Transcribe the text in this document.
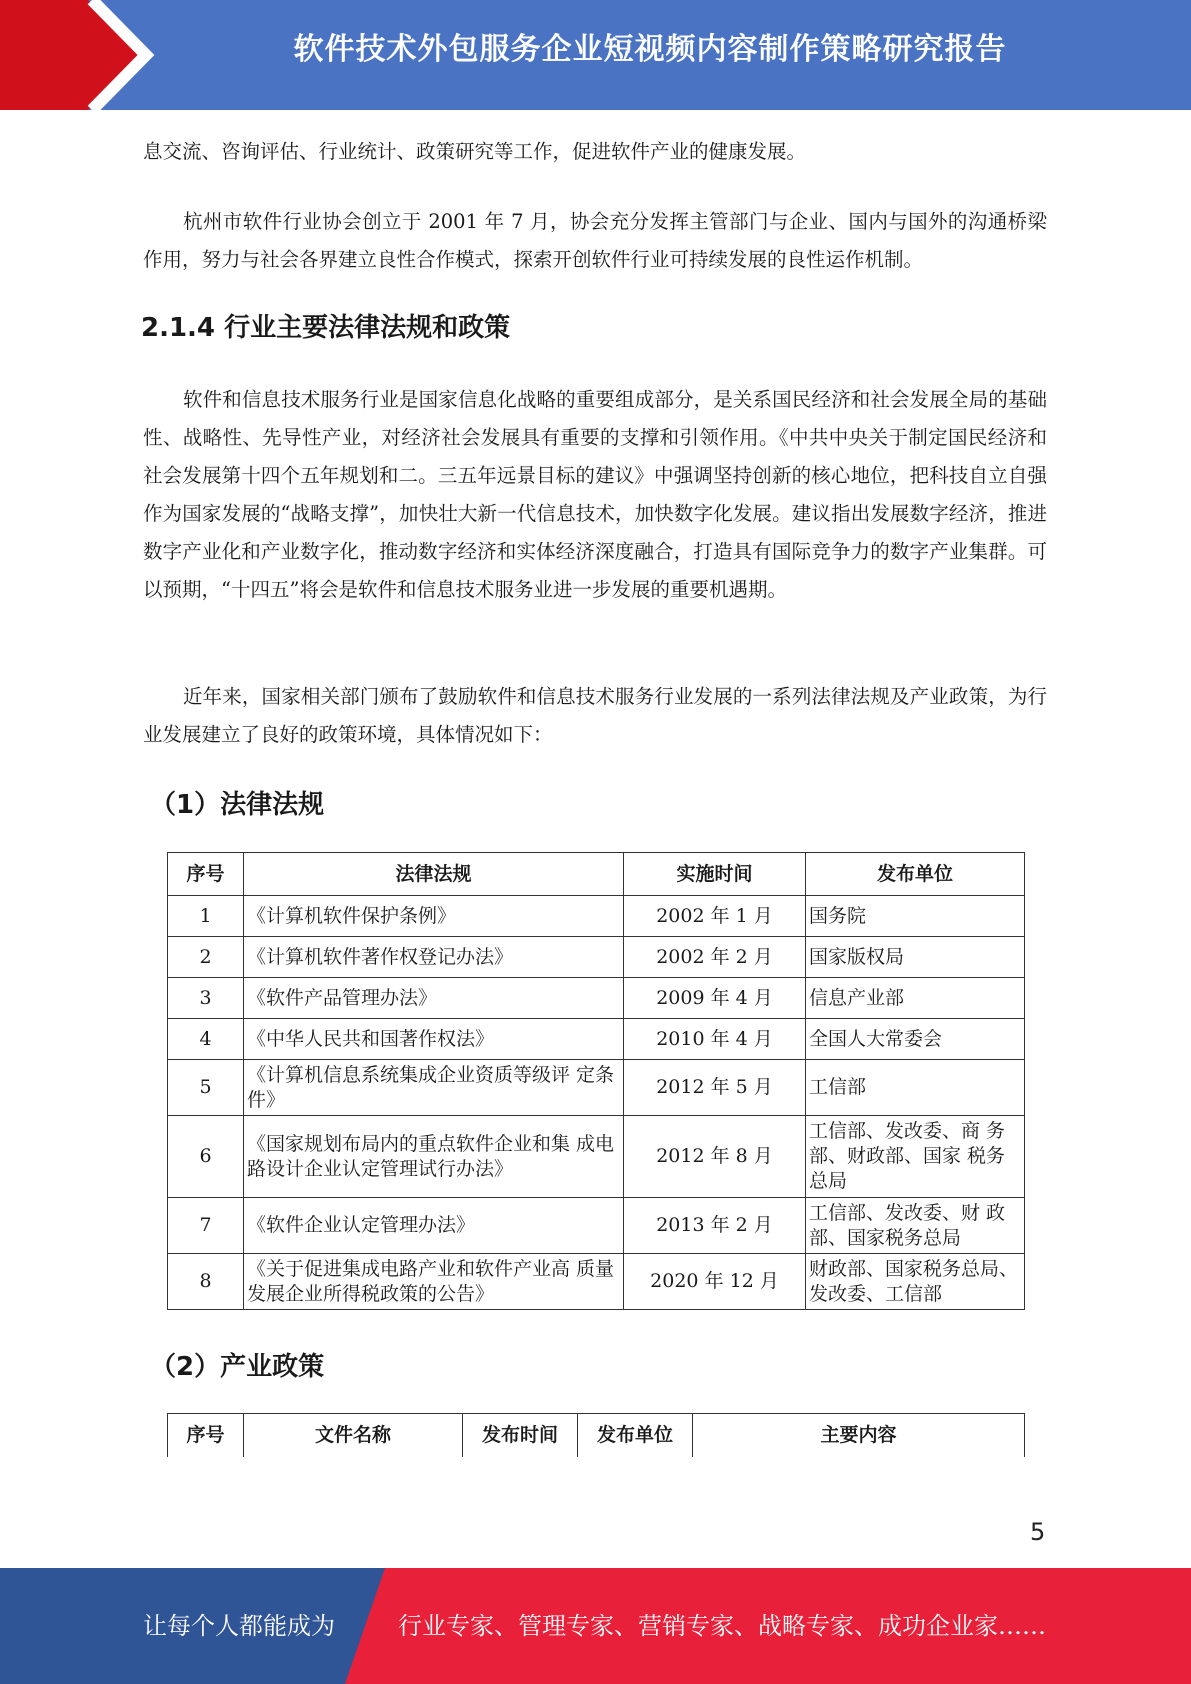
软件技术外包服务企业短视频内容制作策略研究报告

息交流、咨询评估、行业统计、政策研究等工作，促进软件产业的健康发展。

杭州市软件行业协会创立于 2001 年 7 月，协会充分发挥主管部门与企业、国内与国外的沟通桥梁作用，努力与社会各界建立良性合作模式，探索开创软件行业可持续发展的良性运作机制。

2.1.4 行业主要法律法规和政策

软件和信息技术服务行业是国家信息化战略的重要组成部分，是关系国民经济和社会发展全局的基础性、战略性、先导性产业，对经济社会发展具有重要的支撑和引领作用。《中共中央关于制定国民经济和社会发展第十四个五年规划和二。三五年远景目标的建议》中强调坚持创新的核心地位，把科技自立自强作为国家发展的“战略支撑”，加快壮大新一代信息技术，加快数字化发展。建议指出发展数字经济，推进数字产业化和产业数字化，推动数字经济和实体经济深度融合，打造具有国际竞争力的数字产业集群。可以预期，“十四五”将会是软件和信息技术服务业进一步发展的重要机遇期。

近年来，国家相关部门颁布了鼓励软件和信息技术服务行业发展的一系列法律法规及产业政策，为行业发展建立了良好的政策环境，具体情况如下：

（1）法律法规
序号	法律法规	实施时间	发布单位
1	《计算机软件保护条例》	2002 年 1 月	国务院
2	《计算机软件著作权登记办法》	2002 年 2 月	国家版权局
3	《软件产品管理办法》	2009 年 4 月	信息产业部
4	《中华人民共和国著作权法》	2010 年 4 月	全国人大常委会
5	《计算机信息系统集成企业资质等级评 定条件》	2012 年 5 月	工信部
6	《国家规划布局内的重点软件企业和集 成电路设计企业认定管理试行办法》	2012 年 8 月	工信部、发改委、商 务部、财政部、国家 税务总局
7	《软件企业认定管理办法》	2013 年 2 月	工信部、发改委、财 政部、国家税务总局
8	《关于促进集成电路产业和软件产业高 质量发展企业所得税政策的公告》	2020 年 12 月	财政部、国家税务总局、发改委、工信部
（2）产业政策
序号	文件名称	发布时间	发布单位	主要内容
5
让每个人都能成为	行业专家、管理专家、营销专家、战略专家、成功企业家……
